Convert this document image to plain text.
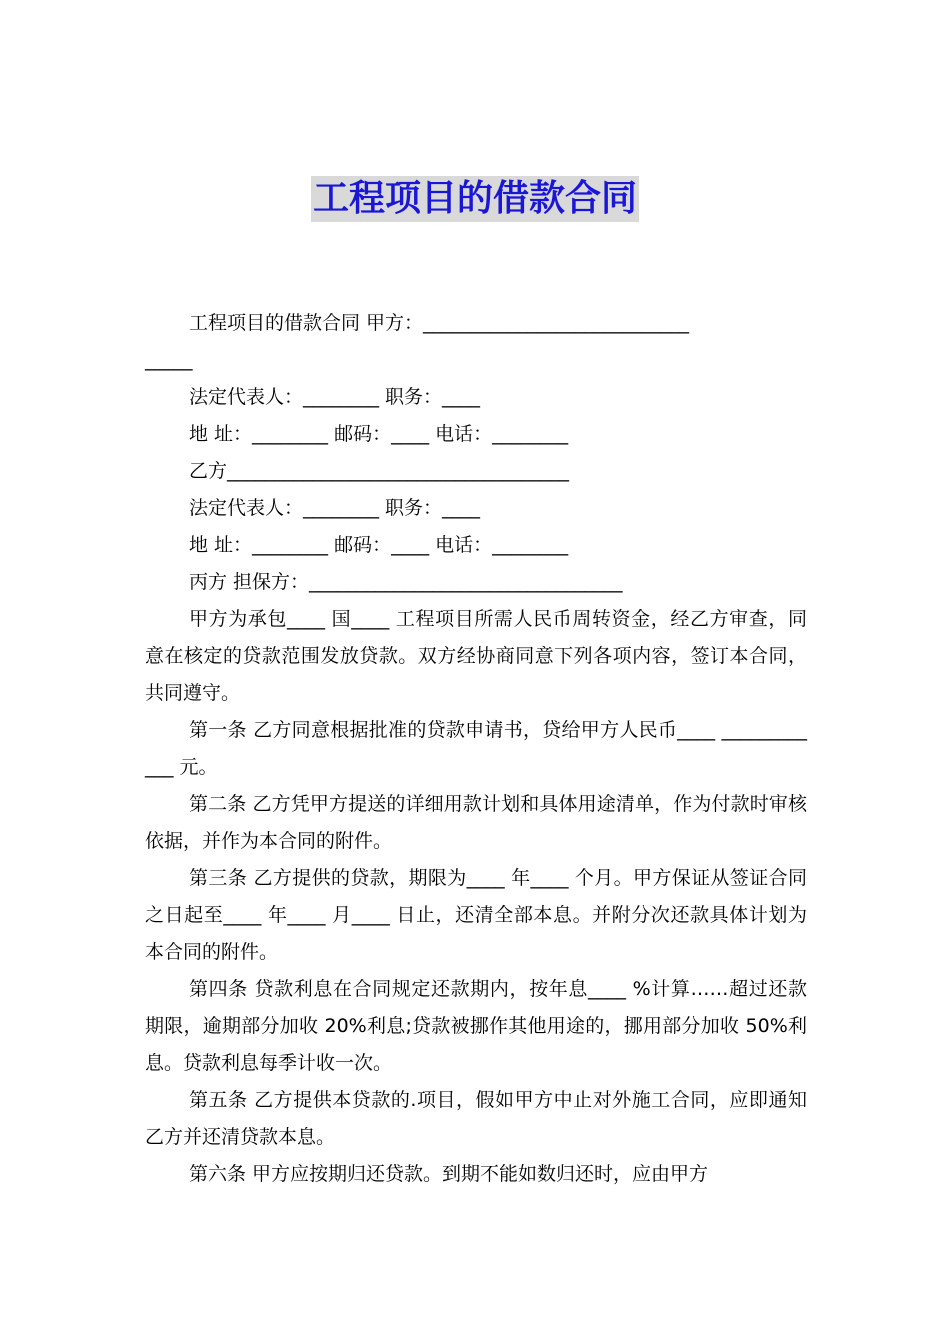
工程项目的借款合同
工程项目的借款合同 甲方：____________________________
_____
法定代表人：________ 职务：____
地 址：________ 邮码：____ 电话：________
乙方____________________________________
法定代表人：________ 职务：____
地 址：________ 邮码：____ 电话：________
丙方 担保方：_________________________________
甲方为承包____ 国____ 工程项目所需人民币周转资金，经乙方审查，同意在核定的贷款范围发放贷款。双方经协商同意下列各项内容，签订本合同，共同遵守。
第一条 乙方同意根据批准的贷款申请书，贷给甲方人民币____ ____________ 元。
第二条 乙方凭甲方提送的详细用款计划和具体用途清单，作为付款时审核依据，并作为本合同的附件。
第三条 乙方提供的贷款，期限为____ 年____ 个月。甲方保证从签证合同之日起至____ 年____ 月____ 日止，还清全部本息。并附分次还款具体计划为本合同的附件。
第四条 贷款利息在合同规定还款期内，按年息____ %计算……超过还款期限，逾期部分加收 20%利息;贷款被挪作其他用途的，挪用部分加收 50%利息。贷款利息每季计收一次。
第五条 乙方提供本贷款的.项目，假如甲方中止对外施工合同，应即通知乙方并还清贷款本息。
第六条 甲方应按期归还贷款。到期不能如数归还时，应由甲方
